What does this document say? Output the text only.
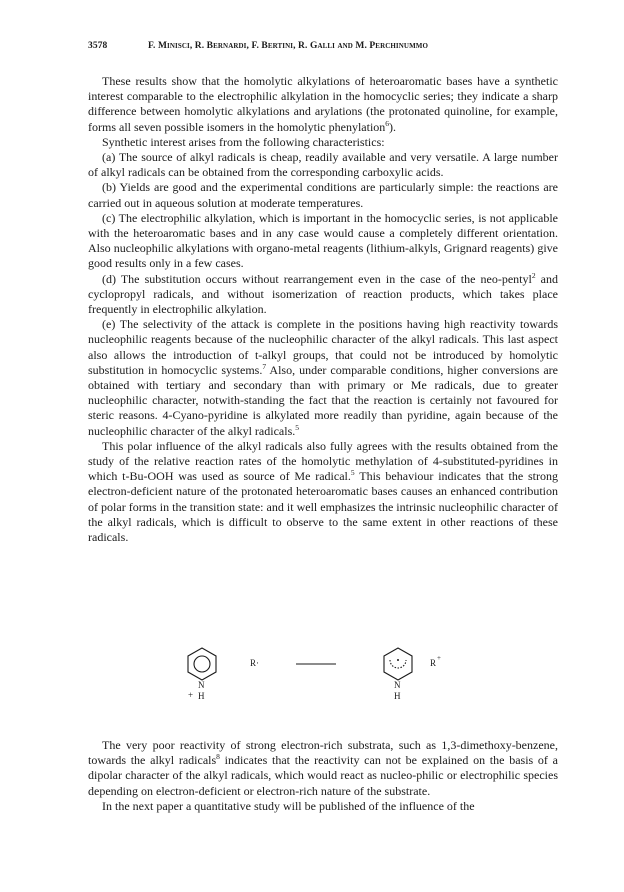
3578	F. Minisci, R. Bernardi, F. Bertini, R. Galli and M. Perchinummo

These results show that the homolytic alkylations of heteroaromatic bases have a synthetic interest comparable to the electrophilic alkylation in the homocyclic series; they indicate a sharp difference between homolytic alkylations and arylations (the protonated quinoline, for example, forms all seven possible isomers in the homolytic phenylation$^6$).

Synthetic interest arises from the following characteristics:

(a) The source of alkyl radicals is cheap, readily available and very versatile. A large number of alkyl radicals can be obtained from the corresponding carboxylic acids.

(b) Yields are good and the experimental conditions are particularly simple: the reactions are carried out in aqueous solution at moderate temperatures.

(c) The electrophilic alkylation, which is important in the homocyclic series, is not applicable with the heteroaromatic bases and in any case would cause a completely different orientation. Also nucleophilic alkylations with organo-metal reagents (lithium-alkyls, Grignard reagents) give good results only in a few cases.

(d) The substitution occurs without rearrangement even in the case of the neo-pentyl$^2$ and cyclopropyl radicals, and without isomerization of reaction products, which takes place frequently in electrophilic alkylation.

(e) The selectivity of the attack is complete in the positions having high reactivity towards nucleophilic reagents because of the nucleophilic character of the alkyl radicals. This last aspect also allows the introduction of t-alkyl groups, that could not be introduced by homolytic substitution in homocyclic systems.$^7$ Also, under comparable conditions, higher conversions are obtained with tertiary and secondary than with primary or Me radicals, due to greater nucleophilic character, notwith-standing the fact that the reaction is certainly not favoured for steric reasons. 4-Cyano-pyridine is alkylated more readily than pyridine, again because of the nucleophilic character of the alkyl radicals.$^5$

This polar influence of the alkyl radicals also fully agrees with the results obtained from the study of the relative reaction rates of the homolytic methylation of 4-substituted-pyridines in which t-Bu-OOH was used as source of Me radical.$^5$ This behaviour indicates that the strong electron-deficient nature of the protonated heteroaromatic bases causes an enhanced contribution of polar forms in the transition state: and it well emphasizes the intrinsic nucleophilic character of the alkyl radicals, which is difficult to observe to the same extent in other reactions of these radicals.

N
+ H
R·
N
H
R +

The very poor reactivity of strong electron-rich substrata, such as 1,3-dimethoxy-benzene, towards the alkyl radicals$^8$ indicates that the reactivity can not be explained on the basis of a dipolar character of the alkyl radicals, which would react as nucleo-philic or electrophilic species depending on electron-deficient or electron-rich nature of the substrate.

In the next paper a quantitative study will be published of the influence of the
